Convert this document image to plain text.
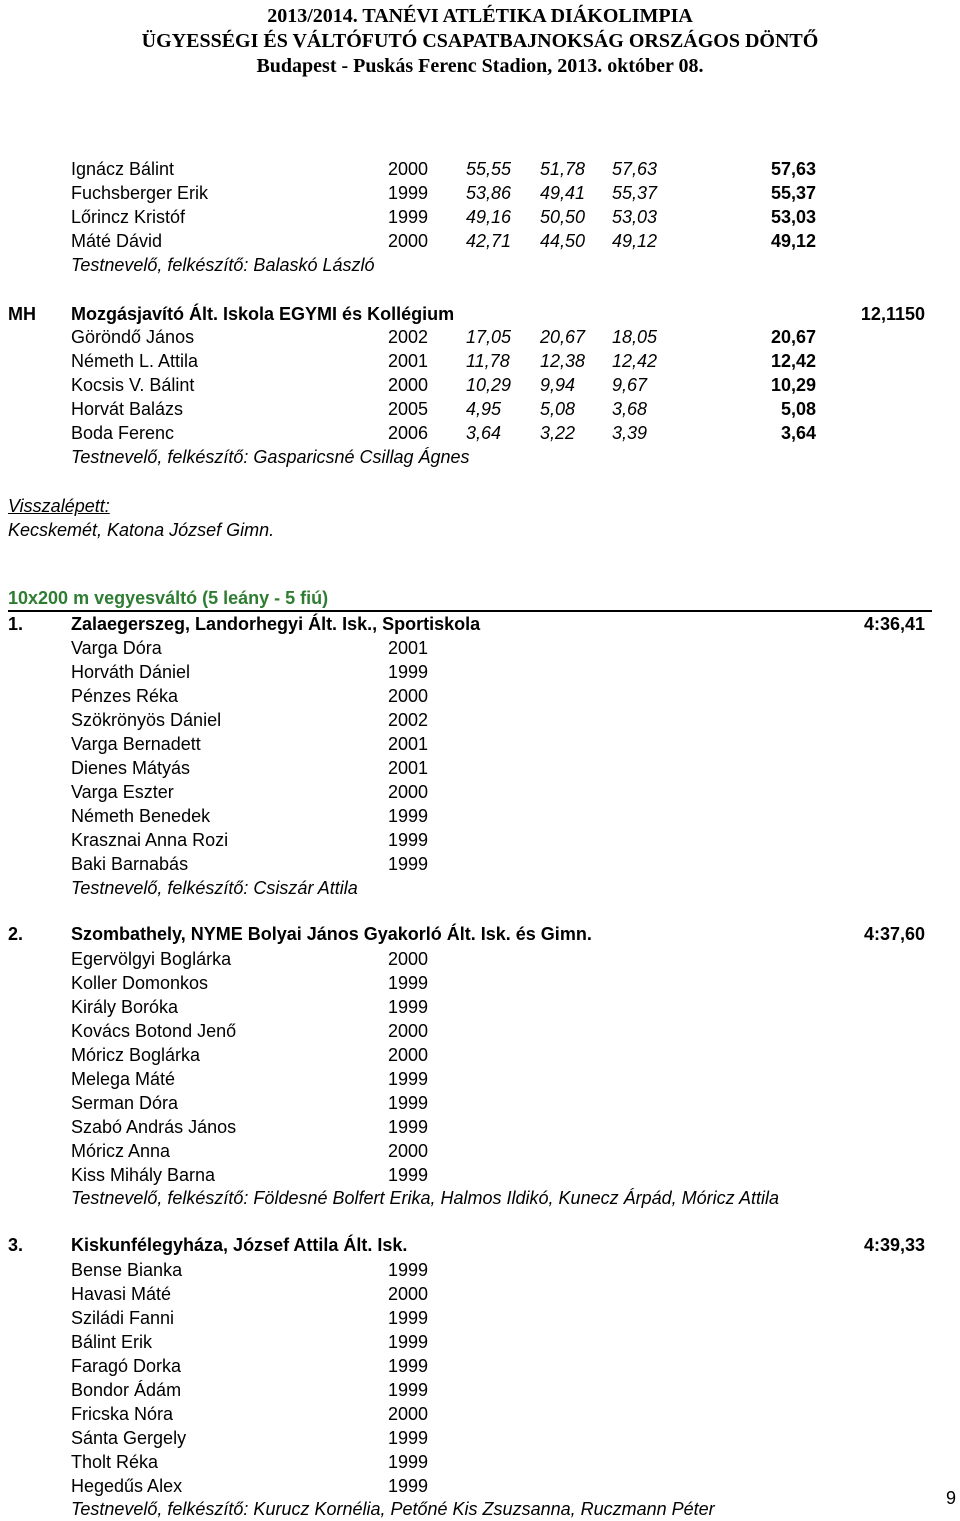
2013/2014. TANÉVI ATLÉTIKA DIÁKOLIMPIA
ÜGYESSÉGI ÉS VÁLTÓFUTÓ CSAPATBAJNOKSÁG ORSZÁGOS DÖNTŐ
Budapest - Puskás Ferenc Stadion, 2013. október 08.
Ignácz Bálint	2000 55,55 51,78 57,63	57,63
Fuchsberger Erik	1999 53,86 49,41 55,37	55,37
Lőrincz Kristóf	1999 49,16 50,50 53,03	53,03
Máté Dávid	2000 42,71 44,50 49,12	49,12
Testnevelő, felkészítő: Balaskó László
MH Mozgásjavító Ált. Iskola EGYMI és Kollégium	12,1150
Göröndő János	2002 17,05 20,67 18,05	20,67
Németh L. Attila	2001 11,78 12,38 12,42	12,42
Kocsis V. Bálint	2000 10,29 9,94 9,67	10,29
Horvát Balázs	2005 4,95 5,08 3,68	5,08
Boda Ferenc	2006 3,64 3,22 3,39	3,64
Testnevelő, felkészítő: Gasparicsné Csillag Ágnes
Visszalépett:
Kecskemét, Katona József Gimn.
10x200 m vegyesváltó (5 leány - 5 fiú)
1.	Zalaegerszeg, Landorhegyi Ált. Isk., Sportiskola	4:36,41
Varga Dóra	2001
Horváth Dániel	1999
Pénzes Réka	2000
Szökrönyös Dániel	2002
Varga Bernadett	2001
Dienes Mátyás	2001
Varga Eszter	2000
Németh Benedek	1999
Krasznai Anna Rozi	1999
Baki Barnabás	1999
Testnevelő, felkészítő: Csiszár Attila
2.	Szombathely, NYME Bolyai János Gyakorló Ált. Isk. és Gimn.	4:37,60
Egervölgyi Boglárka	2000
Koller Domonkos	1999
Király Boróka	1999
Kovács Botond Jenő	2000
Móricz Boglárka	2000
Melega Máté	1999
Serman Dóra	1999
Szabó András János	1999
Móricz Anna	2000
Kiss Mihály Barna	1999
Testnevelő, felkészítő: Földesné Bolfert Erika, Halmos Ildikó, Kunecz Árpád, Móricz Attila
3.	Kiskunfélegyháza, József Attila Ált. Isk.	4:39,33
Bense Bianka	1999
Havasi Máté	2000
Sziládi Fanni	1999
Bálint Erik	1999
Faragó Dorka	1999
Bondor Ádám	1999
Fricska Nóra	2000
Sánta Gergely	1999
Tholt Réka	1999
Hegedűs Alex	1999
Testnevelő, felkészítő: Kurucz Kornélia, Petőné Kis Zsuzsanna, Ruczmann Péter
9
